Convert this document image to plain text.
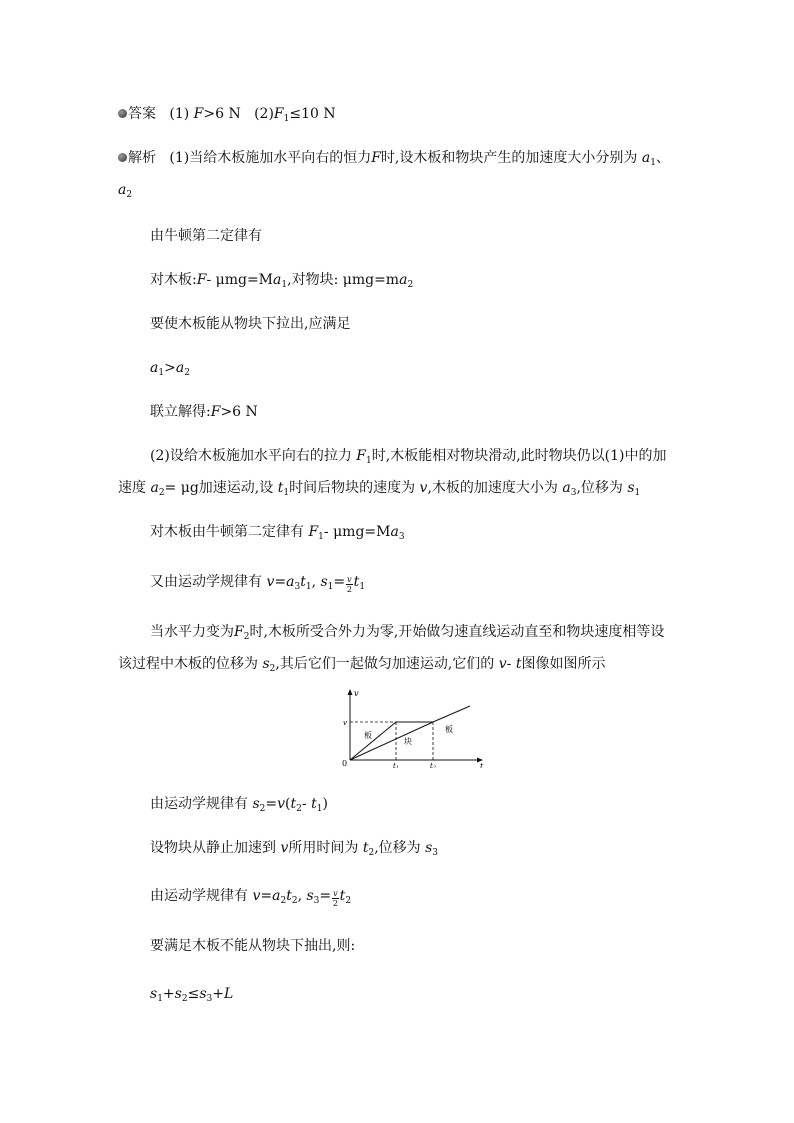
答案 (1) F>6 N $(2)F_1\le 10$ N
解析 (1)当给木板施加水平向右的恒力F时,设木板和物块产生的加速度大小分别为 $a_1$、
$a_2$
由牛顿第二定律有
对木板:F- $\mu mg=Ma_1$,对物块: $\mu mg=ma_2$
要使木板能从物块下拉出,应满足
$a_1>a_2$
联立解得:F>6 N
(2)设给木板施加水平向右的拉力 $F_1$时,木板能相对物块滑动,此时物块仍以(1)中的加
速度 $a_2= \mu g$加速运动,设 $t_1$时间后物块的速度为 v,木板的加速度大小为 $a_3$,位移为 $s_1$
对木板由牛顿第二定律有 $F_1-$ $\mu mg=Ma_3$
又由运动学规律有 $v=a_3t_1$, $s_1= \frac{v}{2} t_1$
当水平力变为$F_2$时,木板所受合外力为零,开始做匀速直线运动直至和物块速度相等设
该过程中木板的位移为 $s_2$,其后它们一起做匀加速运动,它们的 v- t图像如图所示
v
t
0
v
t1	t2
板
块
板
由运动学规律有 $s_2=v(t_2-$ $t_1$)
设物块从静止加速到 v所用时间为 $t_2$,位移为 $s_3$
由运动学规律有 $v=a_2t_2$, $s_3= \frac{v}{2} t_2$
要满足木板不能从物块下抽出,则:
$s_1+s_2\le s_3+L$
